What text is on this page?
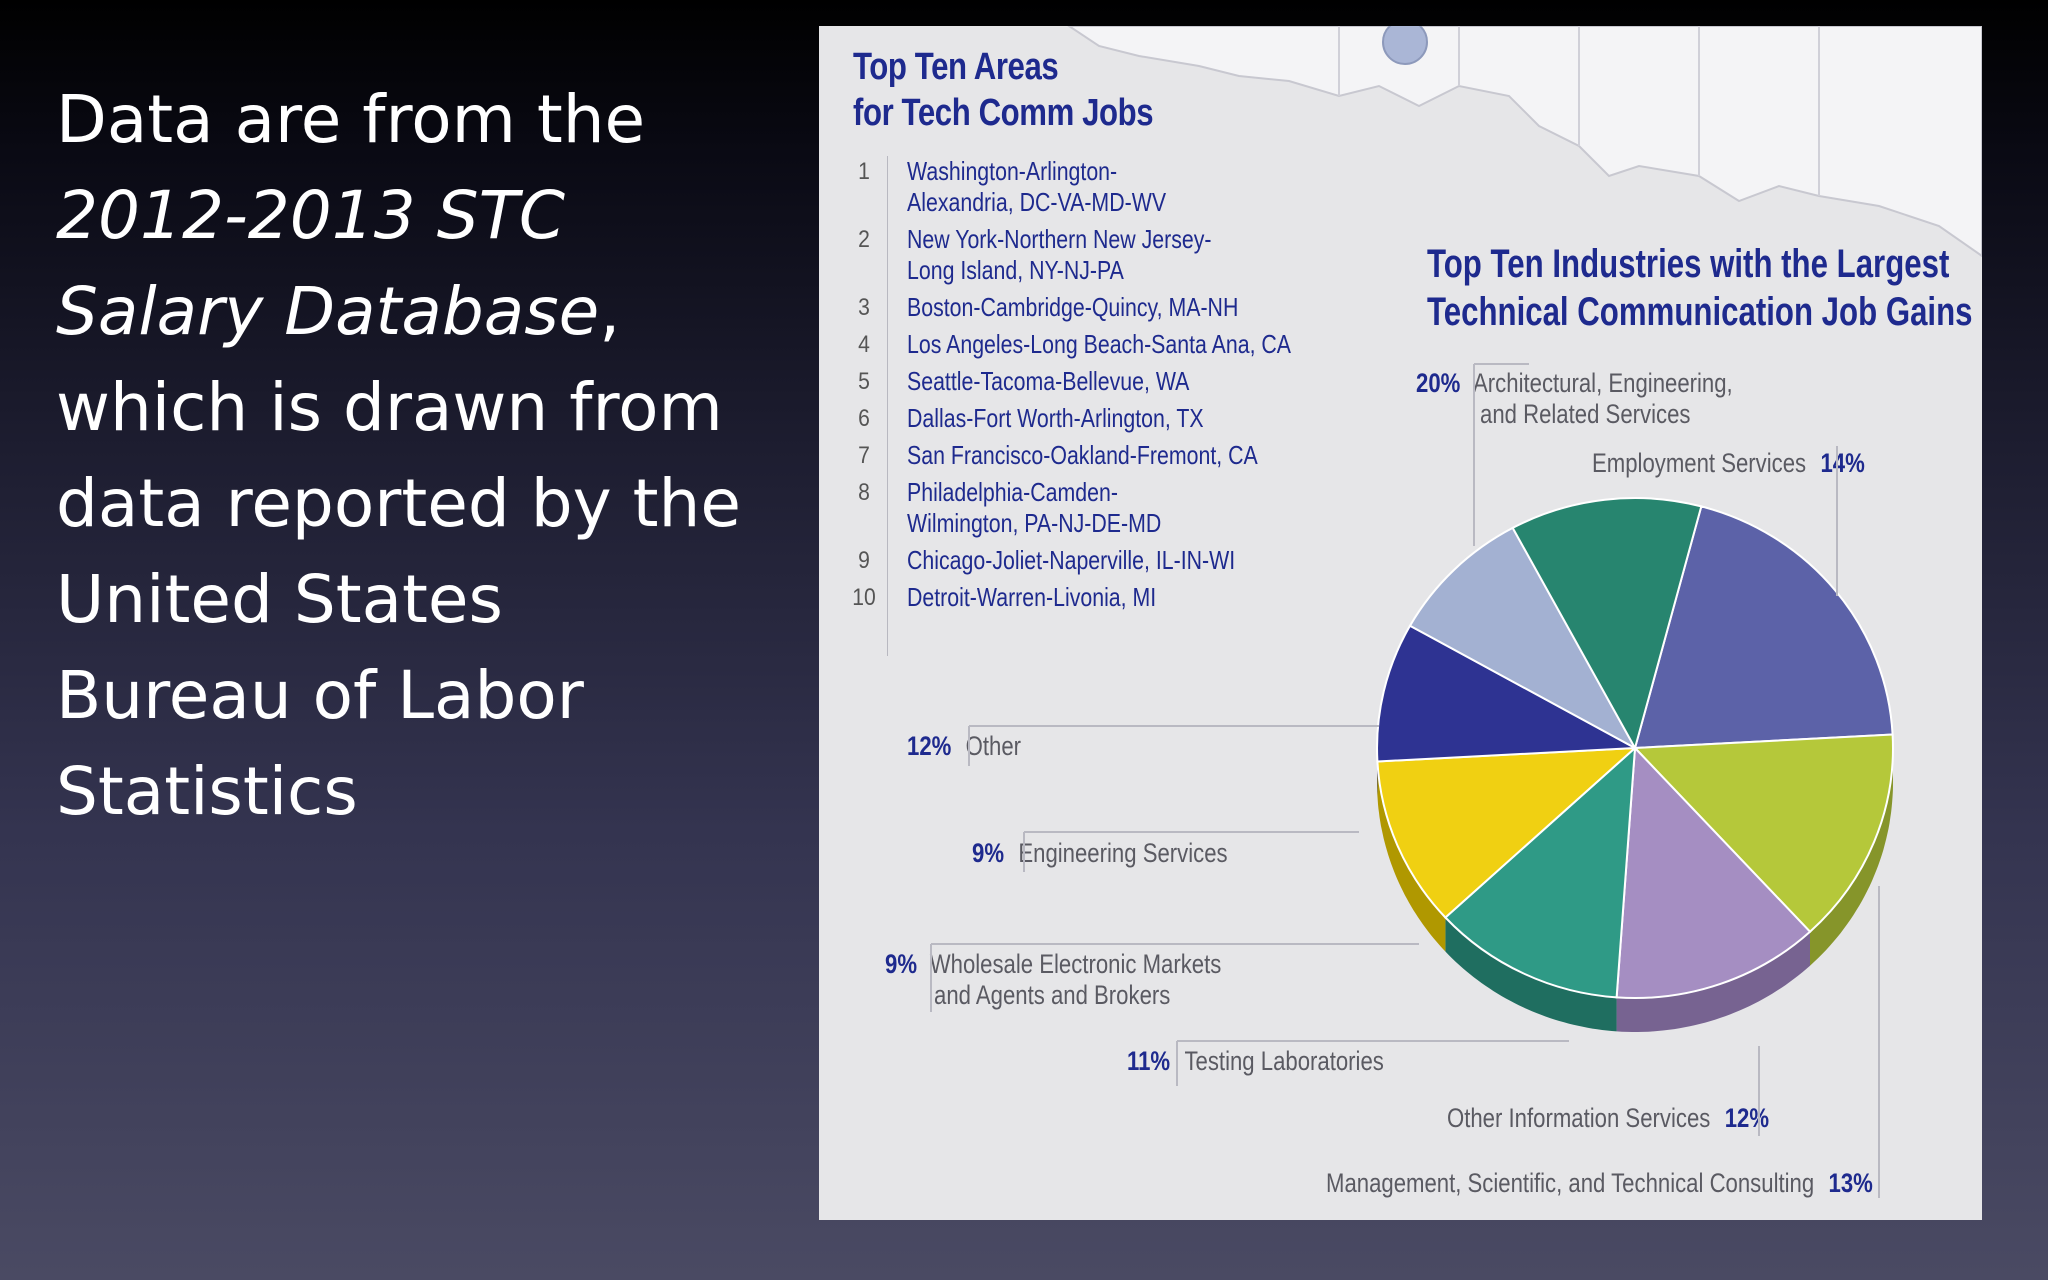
Data are from the
2012-2013 STC
Salary Database,
which is drawn from
data reported by the
United States
Bureau of Labor
Statistics
Top Ten Areas
for Tech Comm Jobs
1 Washington-Arlington-
Alexandria, DC-VA-MD-WV
2 New York-Northern New Jersey-
Long Island, NY-NJ-PA
3 Boston-Cambridge-Quincy, MA-NH
4 Los Angeles-Long Beach-Santa Ana, CA
5 Seattle-Tacoma-Bellevue, WA
6 Dallas-Fort Worth-Arlington, TX
7 San Francisco-Oakland-Fremont, CA
8 Philadelphia-Camden-
Wilmington, PA-NJ-DE-MD
9 Chicago-Joliet-Naperville, IL-IN-WI
10 Detroit-Warren-Livonia, MI
Top Ten Industries with the Largest
Technical Communication Job Gains
20% Architectural, Engineering,
and Related Services
Employment Services 14%
12% Other
9% Engineering Services
9% Wholesale Electronic Markets
and Agents and Brokers
11% Testing Laboratories
Other Information Services 12%
Management, Scientific, and Technical Consulting 13%
